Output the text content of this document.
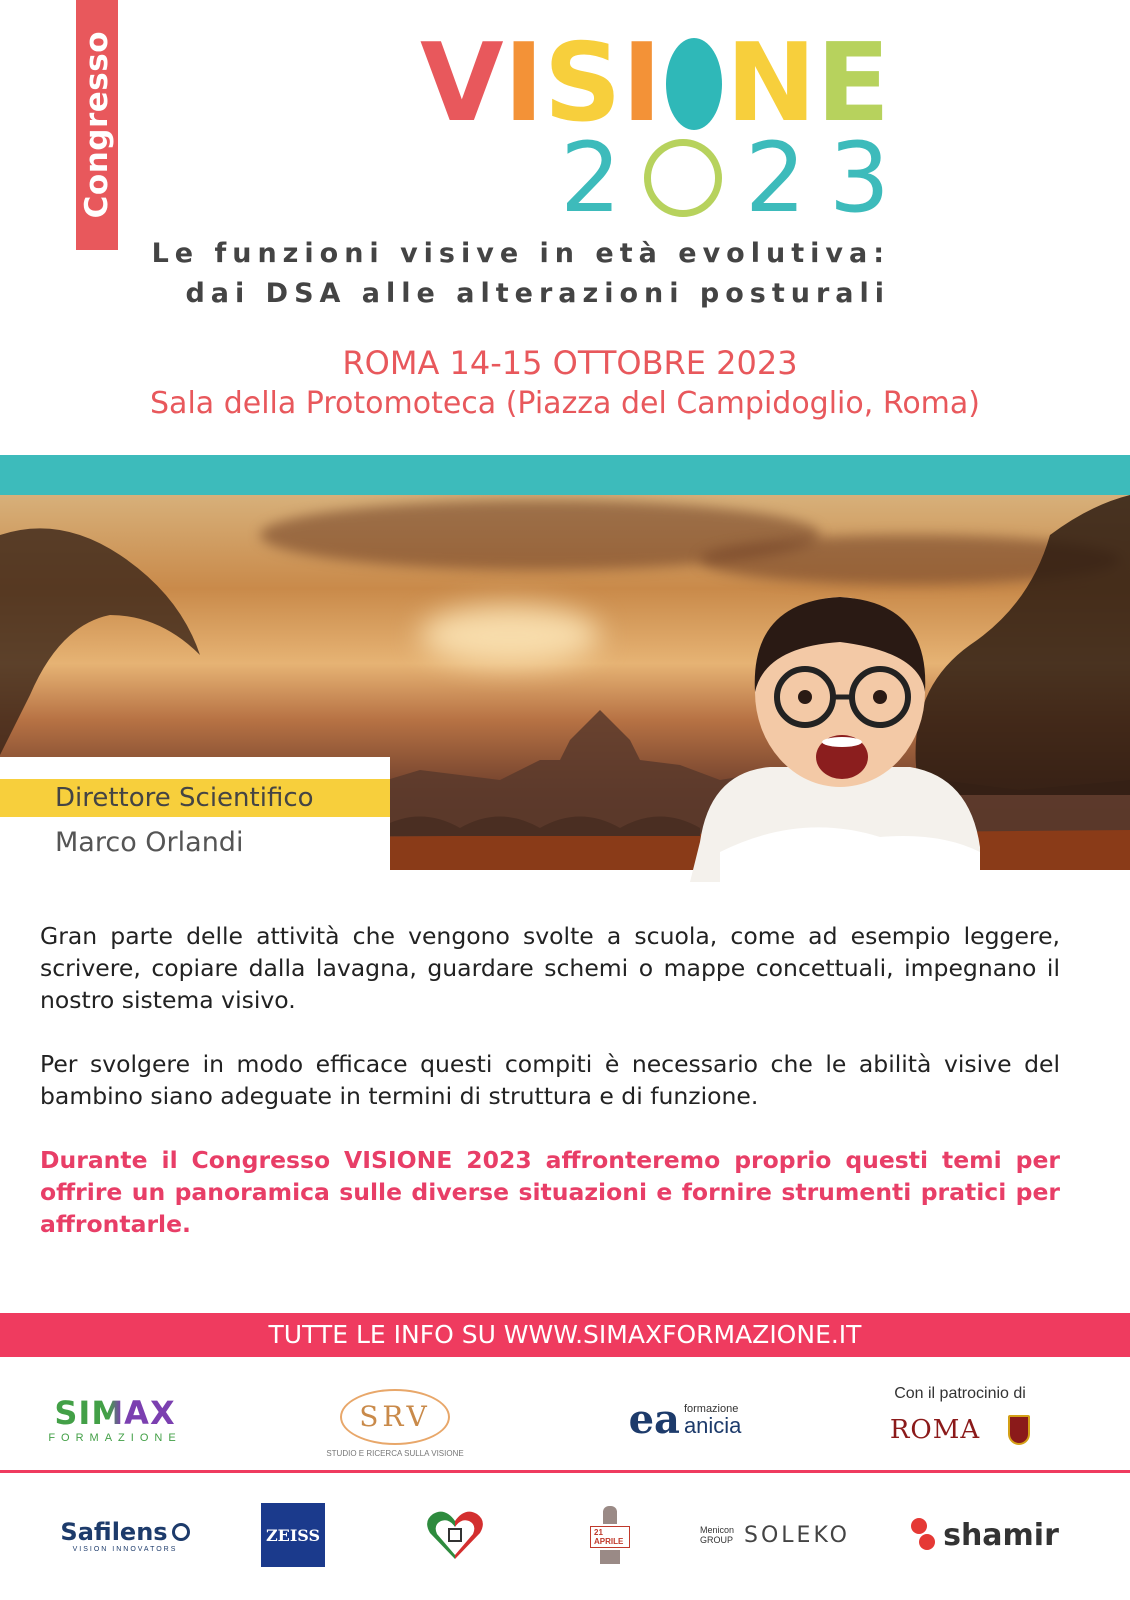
Congresso	V I S I N E
2 2 3
Le funzioni visive in età evolutiva:
dai DSA alle alterazioni posturali
ROMA 14-15 OTTOBRE 2023
Sala della Protomoteca (Piazza del Campidoglio, Roma)
Direttore Scientifico
Marco Orlandi

Gran parte delle attività che vengono svolte a scuola, come ad esempio leggere, scrivere, copiare dalla lavagna, guardare schemi o mappe concettuali, impegnano il nostro sistema visivo.

Per svolgere in modo efficace questi compiti è necessario che le abilità visive del bambino siano adeguate in termini di struttura e di funzione.

Durante il Congresso VISIONE 2023 affronteremo proprio questi temi per offrire un panoramica sulle diverse situazioni e fornire strumenti pratici per affrontarle.

TUTTE LE INFO SU WWW.SIMAXFORMAZIONE.IT
SIMAX
FORMAZIONE
SRV
STUDIO E RICERCA SULLA VISIONE
ea formazione
anicia
Con il patrocinio di
ROMA
Safilens
VISION INNOVATORS
ZEISS	21 APRILE
Menicon GROUP SOLEKO	shamir
